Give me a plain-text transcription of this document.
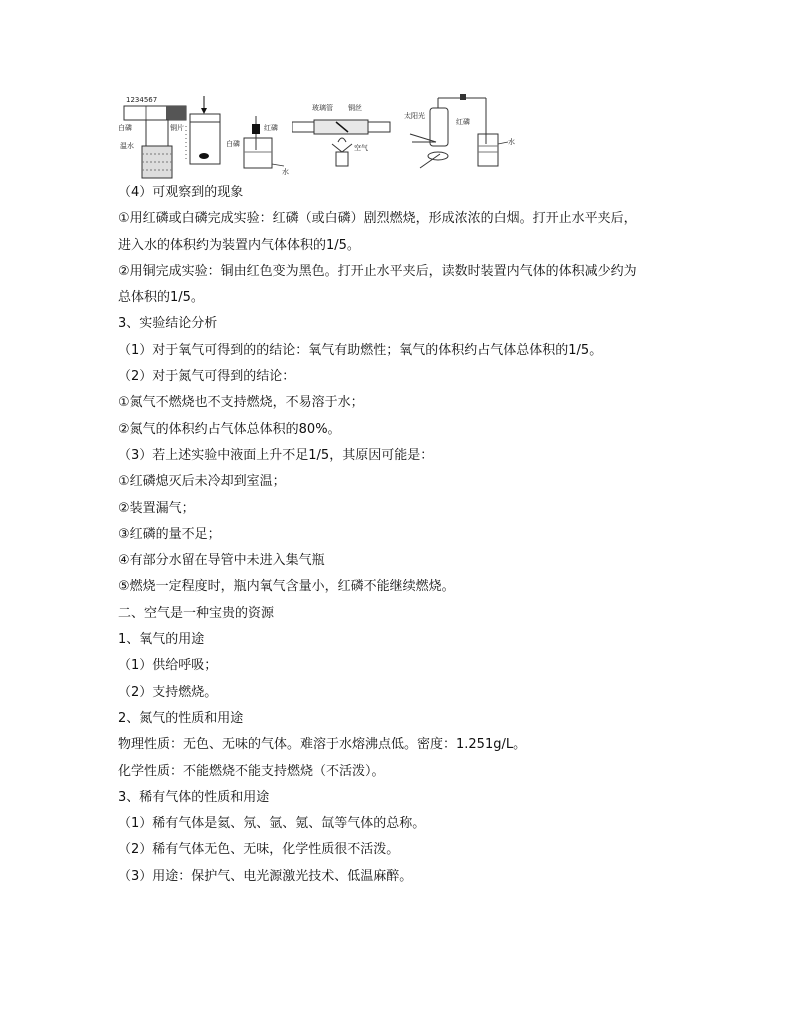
1234567
白磷	铜片
温水	白磷
红磷
水
玻璃管 铜丝
空气
太阳光
红磷
水
（4）可观察到的现象
①用红磷或白磷完成实验：红磷（或白磷）剧烈燃烧，形成浓浓的白烟。打开止水平夹后，
进入水的体积约为装置内气体体积的1/5。
②用铜完成实验：铜由红色变为黑色。打开止水平夹后，读数时装置内气体的体积减少约为
总体积的1/5。
3、实验结论分析
（1）对于氧气可得到的的结论：氧气有助燃性；氧气的体积约占气体总体积的1/5。
（2）对于氮气可得到的结论：
①氮气不燃烧也不支持燃烧，不易溶于水；
②氮气的体积约占气体总体积的80%。
（3）若上述实验中液面上升不足1/5，其原因可能是：
①红磷熄灭后未冷却到室温；
②装置漏气；
③红磷的量不足；
④有部分水留在导管中未进入集气瓶
⑤燃烧一定程度时，瓶内氧气含量小，红磷不能继续燃烧。
二、空气是一种宝贵的资源
1、氧气的用途
（1）供给呼吸；
（2）支持燃烧。
2、氮气的性质和用途
物理性质：无色、无味的气体。难溶于水熔沸点低。密度：1.251g/L。
化学性质：不能燃烧不能支持燃烧（不活泼）。
3、稀有气体的性质和用途
（1）稀有气体是氦、氖、氩、氪、氙等气体的总称。
（2）稀有气体无色、无味，化学性质很不活泼。
（3）用途：保护气、电光源激光技术、低温麻醉。
